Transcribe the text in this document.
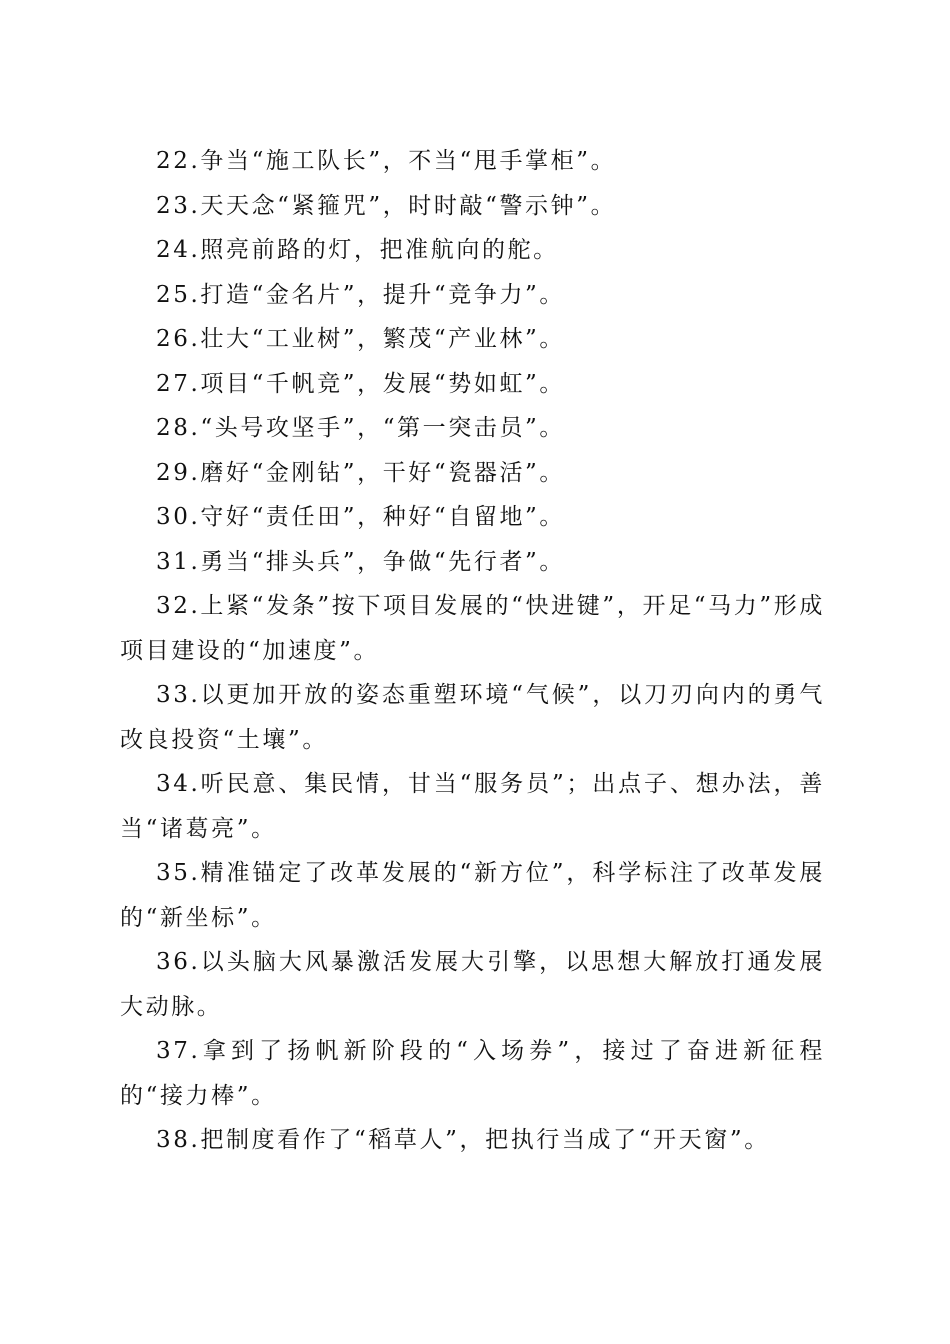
22.争当“施工队长”，不当“甩手掌柜”。

23.天天念“紧箍咒”，时时敲“警示钟”。

24.照亮前路的灯，把准航向的舵。

25.打造“金名片”，提升“竞争力”。

26.壮大“工业树”，繁茂“产业林”。

27.项目“千帆竞”，发展“势如虹”。

28.“头号攻坚手”，“第一突击员”。

29.磨好“金刚钻”，干好“瓷器活”。

30.守好“责任田”，种好“自留地”。

31.勇当“排头兵”，争做“先行者”。

32.上紧“发条”按下项目发展的“快进键”，开足“马力”形成项目建设的“加速度”。

33.以更加开放的姿态重塑环境“气候”，以刀刃向内的勇气改良投资“土壤”。

34.听民意、集民情，甘当“服务员”；出点子、想办法，善当“诸葛亮”。

35.精准锚定了改革发展的“新方位”，科学标注了改革发展的“新坐标”。

36.以头脑大风暴激活发展大引擎，以思想大解放打通发展大动脉。

37.拿到了扬帆新阶段的“入场券”，接过了奋进新征程的“接力棒”。

38.把制度看作了“稻草人”，把执行当成了“开天窗”。
